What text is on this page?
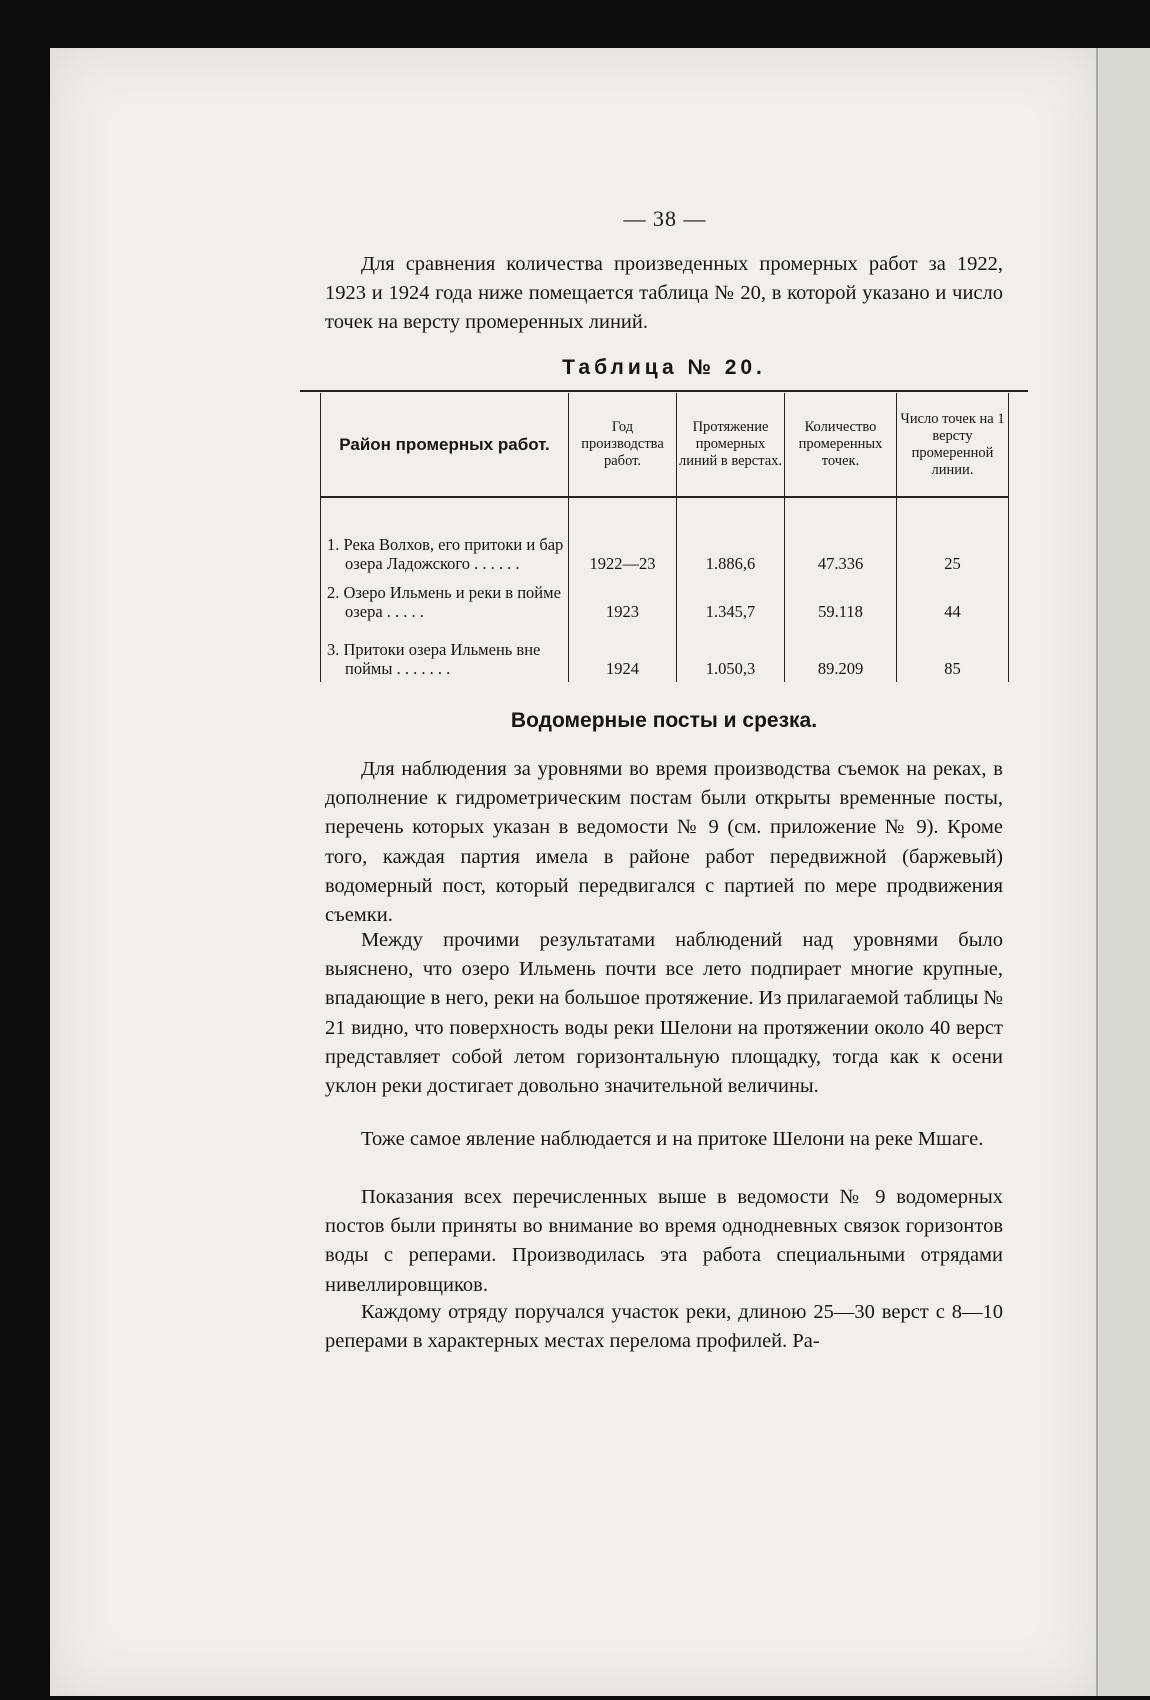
— 38 —

Для сравнения количества произведенных промерных работ за 1922, 1923 и 1924 года ниже помещается таблица № 20, в которой указано и число точек на версту промеренных линий.

Таблица № 20.
Район промерных работ.	Год производства работ.	Протяжение промерных линий в верстах.	Количество промеренных точек.	Число точек на 1 версту промеренной линии.

1. Река Волхов, его притоки и бар озера Ладожского . . . . . .	1922—23	1.886,6	47.336	25

2. Озеро Ильмень и реки в пойме озера . . . . .	1923	1.345,7	59.118	44

3. Притоки озера Ильмень вне поймы . . . . . . .	1924	1.050,3	89.209	85
Водомерные посты и срезка.

Для наблюдения за уровнями во время производства съемок на реках, в дополнение к гидрометрическим постам были открыты временные посты, перечень которых указан в ведомости № 9 (см. приложение № 9). Кроме того, каждая партия имела в районе работ передвижной (баржевый) водомерный пост, который передвигался с партией по мере продвижения съемки.

Между прочими результатами наблюдений над уровнями было выяснено, что озеро Ильмень почти все лето подпирает многие крупные, впадающие в него, реки на большое протяжение. Из прилагаемой таблицы № 21 видно, что поверхность воды реки Шелони на протяжении около 40 верст представляет собой летом горизонтальную площадку, тогда как к осени уклон реки достигает довольно значительной величины.

Тоже самое явление наблюдается и на притоке Шелони на реке Мшаге.

Показания всех перечисленных выше в ведомости № 9 водомерных постов были приняты во внимание во время однодневных связок горизонтов воды с реперами. Производилась эта работа специальными отрядами нивеллировщиков.

Каждому отряду поручался участок реки, длиною 25—30 верст с 8—10 реперами в характерных местах перелома профилей. Ра-
